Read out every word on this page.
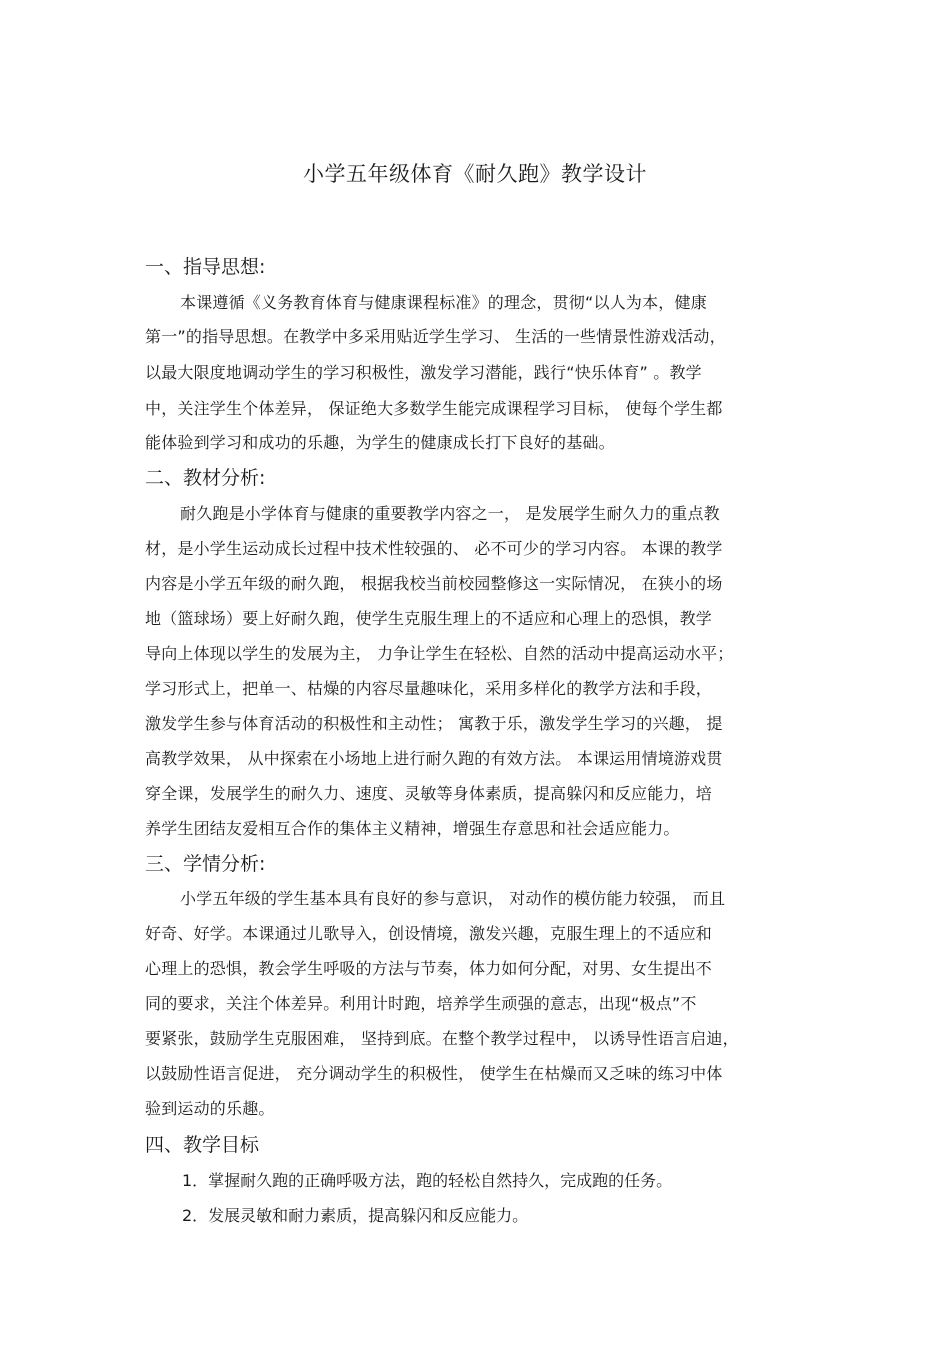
小学五年级体育《耐久跑》教学设计
一、指导思想:
本课遵循《义务教育体育与健康课程标准》的理念，贯彻“以人为本，健康
第一”的指导思想。在教学中多采用贴近学生学习、 生活的一些情景性游戏活动，
以最大限度地调动学生的学习积极性，激发学习潜能，践行“快乐体育” 。教学
中，关注学生个体差异， 保证绝大多数学生能完成课程学习目标， 使每个学生都
能体验到学习和成功的乐趣，为学生的健康成长打下良好的基础。
二、教材分析:
耐久跑是小学体育与健康的重要教学内容之一， 是发展学生耐久力的重点教
材，是小学生运动成长过程中技术性较强的、 必不可少的学习内容。 本课的教学
内容是小学五年级的耐久跑， 根据我校当前校园整修这一实际情况， 在狭小的场
地（篮球场）要上好耐久跑，使学生克服生理上的不适应和心理上的恐惧，教学
导向上体现以学生的发展为主， 力争让学生在轻松、自然的活动中提高运动水平；
学习形式上，把单一、枯燥的内容尽量趣味化，采用多样化的教学方法和手段，
激发学生参与体育活动的积极性和主动性； 寓教于乐，激发学生学习的兴趣， 提
高教学效果， 从中探索在小场地上进行耐久跑的有效方法。 本课运用情境游戏贯
穿全课，发展学生的耐久力、速度、灵敏等身体素质，提高躲闪和反应能力，培
养学生团结友爱相互合作的集体主义精神，增强生存意思和社会适应能力。
三、学情分析:
小学五年级的学生基本具有良好的参与意识， 对动作的模仿能力较强， 而且
好奇、好学。本课通过儿歌导入，创设情境，激发兴趣，克服生理上的不适应和
心理上的恐惧，教会学生呼吸的方法与节奏，体力如何分配，对男、女生提出不
同的要求，关注个体差异。利用计时跑，培养学生顽强的意志，出现“极点”不
要紧张，鼓励学生克服困难， 坚持到底。在整个教学过程中， 以诱导性语言启迪，
以鼓励性语言促进， 充分调动学生的积极性， 使学生在枯燥而又乏味的练习中体
验到运动的乐趣。
四、教学目标
1．掌握耐久跑的正确呼吸方法，跑的轻松自然持久，完成跑的任务。
2．发展灵敏和耐力素质，提高躲闪和反应能力。
